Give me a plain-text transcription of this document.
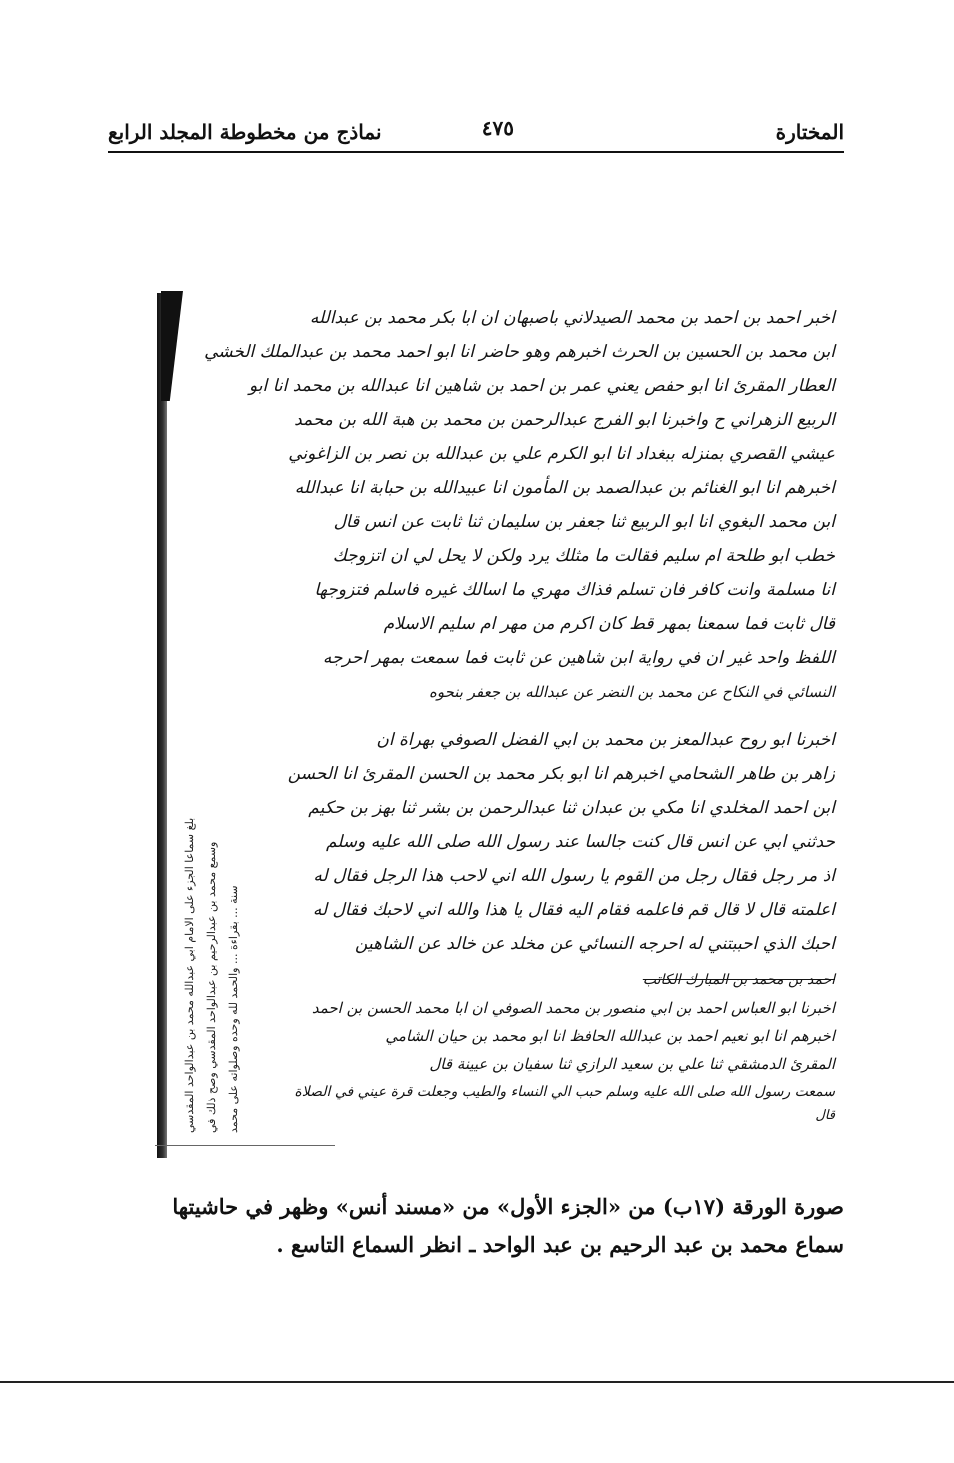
المختارة
٤٧٥
نماذج من مخطوطة المجلد الرابع
بلغ سماعا الجزء على الامام ابي عبدالله محمد بن عبدالواحد المقدسي وسمع محمد بن عبدالرحيم بن عبدالواحد المقدسي وصح ذلك في سنة ... بقراءة ... والحمد لله وحده وصلواته على محمد
اخبر احمد بن احمد بن محمد الصيدلاني باصبهان ان ابا بكر محمد بن عبدالله
ابن محمد بن الحسين بن الحرث اخبرهم وهو حاضر انا ابو احمد محمد بن عبدالملك الخشي
العطار المقرئ انا ابو حفص يعني عمر بن احمد بن شاهين انا عبدالله بن محمد انا ابو
الربيع الزهراني ح واخبرنا ابو الفرج عبدالرحمن بن محمد بن هبة الله بن محمد
عيشي القصري بمنزله ببغداد انا ابو الكرم علي بن عبدالله بن نصر بن الزاغوني
اخبرهم انا ابو الغنائم بن عبدالصمد بن المأمون انا عبيدالله بن حبابة انا عبدالله
ابن محمد البغوي انا ابو الربيع ثنا جعفر بن سليمان ثنا ثابت عن انس قال
خطب ابو طلحة ام سليم فقالت ما مثلك يرد ولكن لا يحل لي ان اتزوجك
انا مسلمة وانت كافر فان تسلم فذاك مهري ما اسالك غيره فاسلم فتزوجها
قال ثابت فما سمعنا بمهر قط كان اكرم من مهر ام سليم الاسلام
اللفظ واحد غير ان في رواية ابن شاهين عن ثابت فما سمعت بمهر احرجه
النسائي في النكاح عن محمد بن النضر عن عبدالله بن جعفر بنحوه
اخبرنا ابو روح عبدالمعز بن محمد بن ابي الفضل الصوفي بهراة ان
زاهر بن طاهر الشحامي اخبرهم انا ابو بكر محمد بن الحسن المقرئ انا الحسن
ابن احمد المخلدي انا مكي بن عبدان ثنا عبدالرحمن بن بشر ثنا بهز بن حكيم
حدثني ابي عن انس قال كنت جالسا عند رسول الله صلى الله عليه وسلم
اذ مر رجل فقال رجل من القوم يا رسول الله اني لاحب هذا الرجل فقال له
اعلمته قال لا قال قم فاعلمه فقام اليه فقال يا هذا والله اني لاحبك فقال له
احبك الذي احببتني له احرجه النسائي عن مخلد عن خالد عن الشاهين
احمد بن محمد بن المبارك الكاتب
اخبرنا ابو العباس احمد بن ابي منصور بن محمد الصوفي ان ابا محمد الحسن بن احمد
اخبرهم انا ابو نعيم احمد بن عبدالله الحافظ انا ابو محمد بن حيان الشامي
المقرئ الدمشقي ثنا علي بن سعيد الرازي ثنا سفيان بن عيينة قال
سمعت رسول الله صلى الله عليه وسلم حبب الي النساء والطيب وجعلت قرة عيني في الصلاة
قال
صورة الورقة (١٧ب) من «الجزء الأول» من «مسند أنس» وظهر في حاشيتها
سماع محمد بن عبد الرحيم بن عبد الواحد ـ انظر السماع التاسع .
